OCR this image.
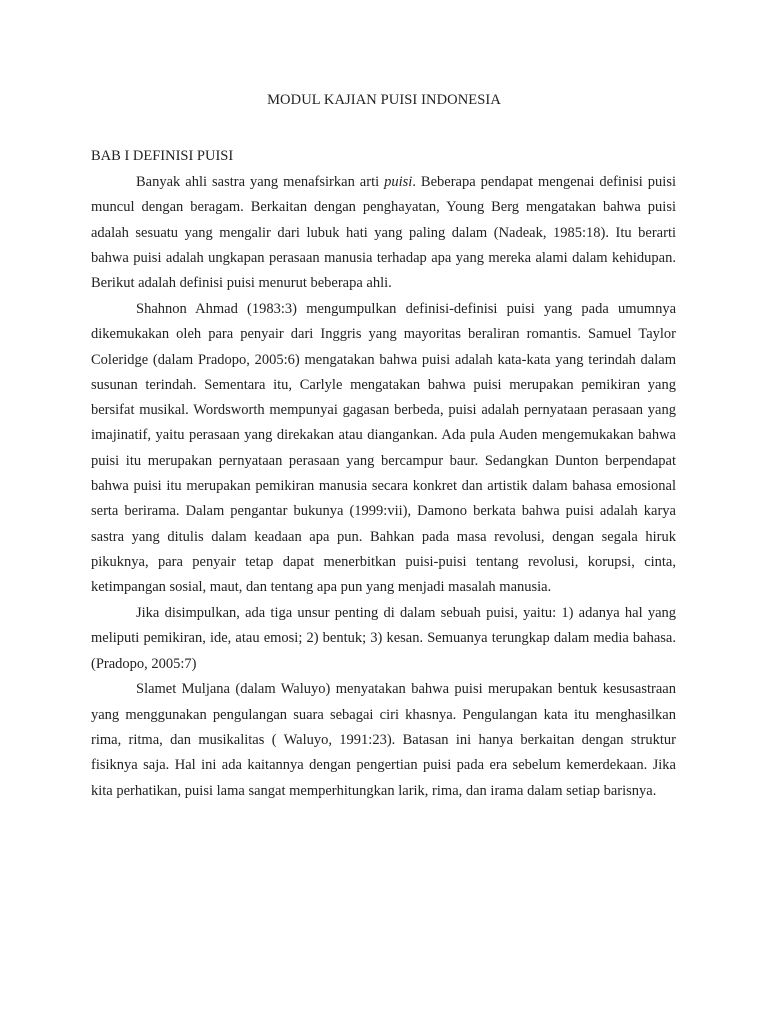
MODUL KAJIAN PUISI INDONESIA
BAB I DEFINISI PUISI

Banyak ahli sastra yang menafsirkan arti puisi. Beberapa pendapat mengenai definisi puisi muncul dengan beragam. Berkaitan dengan penghayatan, Young Berg mengatakan bahwa puisi adalah sesuatu yang mengalir dari lubuk hati yang paling dalam (Nadeak, 1985:18). Itu berarti bahwa puisi adalah ungkapan perasaan manusia terhadap apa yang mereka alami dalam kehidupan. Berikut adalah definisi puisi menurut beberapa ahli.

Shahnon Ahmad (1983:3) mengumpulkan definisi-definisi puisi yang pada umumnya dikemukakan oleh para penyair dari Inggris yang mayoritas beraliran romantis. Samuel Taylor Coleridge (dalam Pradopo, 2005:6) mengatakan bahwa puisi adalah kata-kata yang terindah dalam susunan terindah. Sementara itu, Carlyle mengatakan bahwa puisi merupakan pemikiran yang bersifat musikal. Wordsworth mempunyai gagasan berbeda, puisi adalah pernyataan perasaan yang imajinatif, yaitu perasaan yang direkakan atau diangankan. Ada pula Auden mengemukakan bahwa puisi itu merupakan pernyataan perasaan yang bercampur baur. Sedangkan Dunton berpendapat bahwa puisi itu merupakan pemikiran manusia secara konkret dan artistik dalam bahasa emosional serta berirama. Dalam pengantar bukunya (1999:vii), Damono berkata bahwa puisi adalah karya sastra yang ditulis dalam keadaan apa pun. Bahkan pada masa revolusi, dengan segala hiruk pikuknya, para penyair tetap dapat menerbitkan puisi-puisi tentang revolusi, korupsi, cinta, ketimpangan sosial, maut, dan tentang apa pun yang menjadi masalah manusia.

Jika disimpulkan, ada tiga unsur penting di dalam sebuah puisi, yaitu: 1) adanya hal yang meliputi pemikiran, ide, atau emosi; 2) bentuk; 3) kesan. Semuanya terungkap dalam media bahasa. (Pradopo, 2005:7)

Slamet Muljana (dalam Waluyo) menyatakan bahwa puisi merupakan bentuk kesusastraan yang menggunakan pengulangan suara sebagai ciri khasnya. Pengulangan kata itu menghasilkan rima, ritma, dan musikalitas ( Waluyo, 1991:23). Batasan ini hanya berkaitan dengan struktur fisiknya saja. Hal ini ada kaitannya dengan pengertian puisi pada era sebelum kemerdekaan. Jika kita perhatikan, puisi lama sangat memperhitungkan larik, rima, dan irama dalam setiap barisnya.
